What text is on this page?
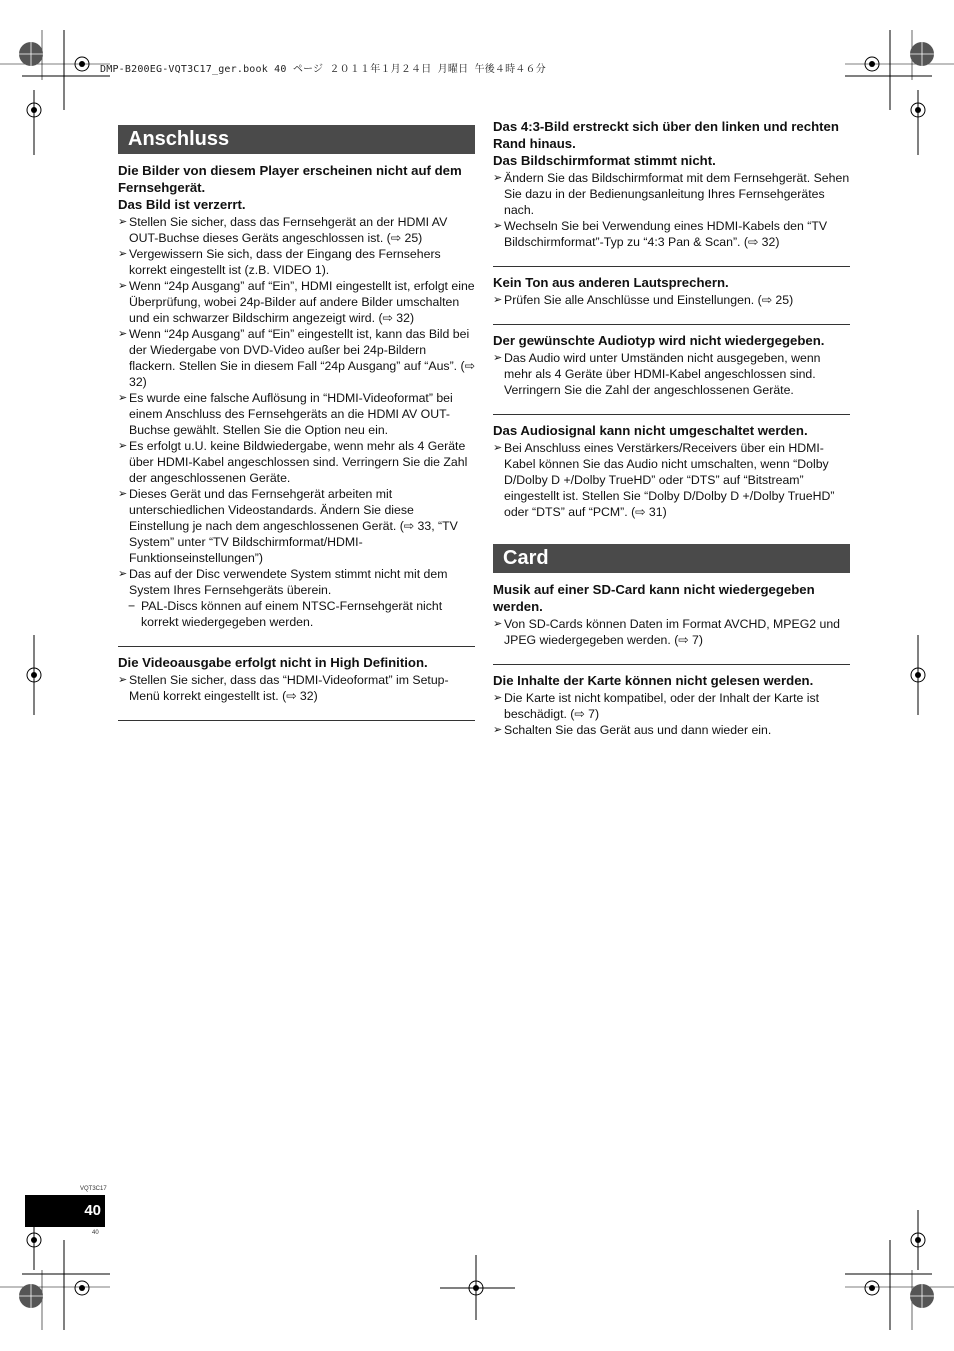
DMP-B200EG-VQT3C17_ger.book 40 ページ ２０１１年１月２４日 月曜日 午後４時４６分
Anschluss
Die Bilder von diesem Player erscheinen nicht auf dem Fernsehgerät.
Das Bild ist verzerrt.
➢ Stellen Sie sicher, dass das Fernsehgerät an der HDMI AV OUT-Buchse dieses Geräts angeschlossen ist. (⇨ 25)
➢ Vergewissern Sie sich, dass der Eingang des Fernsehers korrekt eingestellt ist (z.B. VIDEO 1).
➢ Wenn “24p Ausgang” auf “Ein”, HDMI eingestellt ist, erfolgt eine Überprüfung, wobei 24p-Bilder auf andere Bilder umschalten und ein schwarzer Bildschirm angezeigt wird. (⇨ 32)
➢ Wenn “24p Ausgang” auf “Ein” eingestellt ist, kann das Bild bei der Wiedergabe von DVD-Video außer bei 24p-Bildern flackern. Stellen Sie in diesem Fall “24p Ausgang” auf “Aus”. (⇨ 32)
➢ Es wurde eine falsche Auflösung in “HDMI-Videoformat” bei einem Anschluss des Fernsehgeräts an die HDMI AV OUT-Buchse gewählt. Stellen Sie die Option neu ein.
➢ Es erfolgt u.U. keine Bildwiedergabe, wenn mehr als 4 Geräte über HDMI-Kabel angeschlossen sind. Verringern Sie die Zahl der angeschlossenen Geräte.
➢ Dieses Gerät und das Fernsehgerät arbeiten mit unterschiedlichen Videostandards. Ändern Sie diese Einstellung je nach dem angeschlossenen Gerät. (⇨ 33, “TV System” unter “TV Bildschirmformat/HDMI-Funktionseinstellungen”)
➢ Das auf der Disc verwendete System stimmt nicht mit dem System Ihres Fernsehgeräts überein.
− PAL-Discs können auf einem NTSC-Fernsehgerät nicht korrekt wiedergegeben werden.
Die Videoausgabe erfolgt nicht in High Definition.
➢ Stellen Sie sicher, dass das “HDMI-Videoformat” im Setup-Menü korrekt eingestellt ist. (⇨ 32)
Das 4:3-Bild erstreckt sich über den linken und rechten Rand hinaus.
Das Bildschirmformat stimmt nicht.
➢ Ändern Sie das Bildschirmformat mit dem Fernsehgerät. Sehen Sie dazu in der Bedienungsanleitung Ihres Fernsehgerätes nach.
➢ Wechseln Sie bei Verwendung eines HDMI-Kabels den “TV Bildschirmformat”-Typ zu “4:3 Pan & Scan”. (⇨ 32)
Kein Ton aus anderen Lautsprechern.
➢ Prüfen Sie alle Anschlüsse und Einstellungen. (⇨ 25)
Der gewünschte Audiotyp wird nicht wiedergegeben.
➢ Das Audio wird unter Umständen nicht ausgegeben, wenn mehr als 4 Geräte über HDMI-Kabel angeschlossen sind. Verringern Sie die Zahl der angeschlossenen Geräte.
Das Audiosignal kann nicht umgeschaltet werden.
➢ Bei Anschluss eines Verstärkers/Receivers über ein HDMI-Kabel können Sie das Audio nicht umschalten, wenn “Dolby D/Dolby D +/Dolby TrueHD” oder “DTS” auf “Bitstream” eingestellt ist. Stellen Sie “Dolby D/Dolby D +/Dolby TrueHD” oder “DTS” auf “PCM”. (⇨ 31)
Card
Musik auf einer SD-Card kann nicht wiedergegeben werden.
➢ Von SD-Cards können Daten im Format AVCHD, MPEG2 und JPEG wiedergegeben werden. (⇨ 7)
Die Inhalte der Karte können nicht gelesen werden.
➢ Die Karte ist nicht kompatibel, oder der Inhalt der Karte ist beschädigt. (⇨ 7)
➢ Schalten Sie das Gerät aus und dann wieder ein.
VQT3C17
40
40
